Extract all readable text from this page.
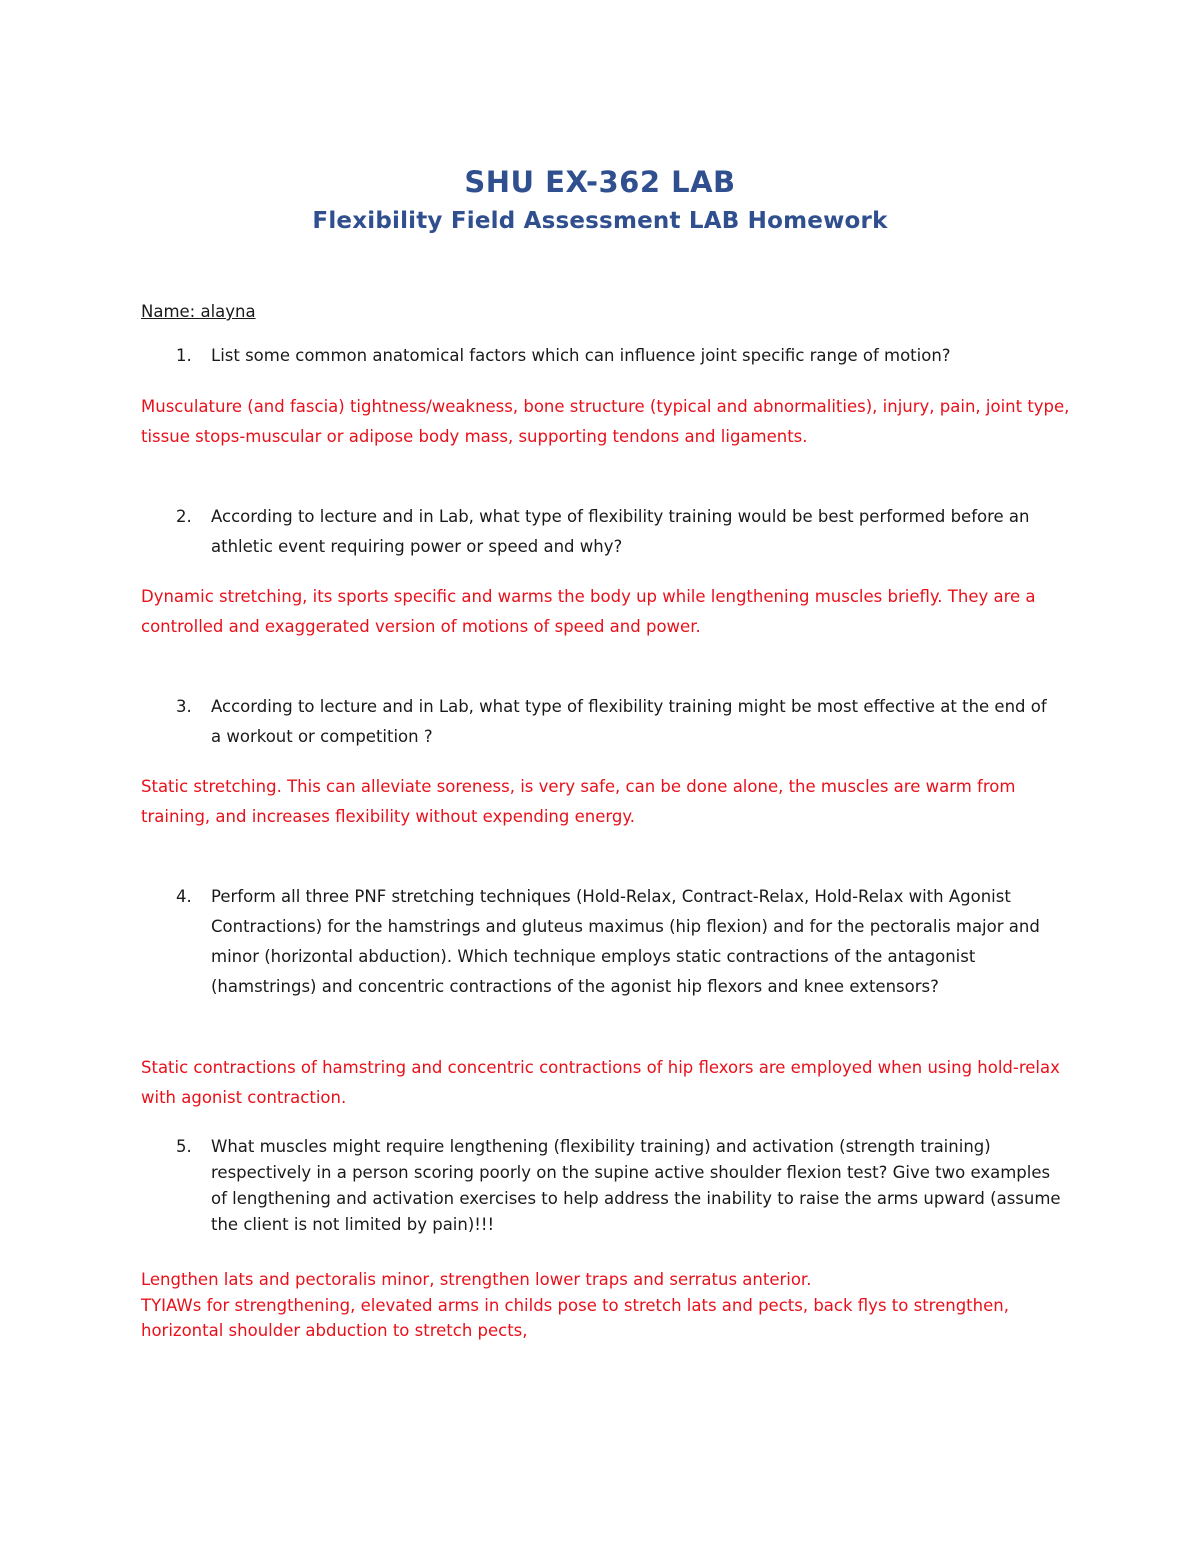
SHU EX-362 LAB
Flexibility Field Assessment LAB Homework
Name: alayna
1. List some common anatomical factors which can influence joint specific range of motion?
Musculature (and fascia) tightness/weakness, bone structure (typical and abnormalities), injury, pain, joint type, tissue stops-muscular or adipose body mass, supporting tendons and ligaments.
2. According to lecture and in Lab, what type of flexibility training would be best performed before an athletic event requiring power or speed and why?
Dynamic stretching, its sports specific and warms the body up while lengthening muscles briefly. They are a controlled and exaggerated version of motions of speed and power.
3. According to lecture and in Lab, what type of flexibility training might be most effective at the end of a workout or competition ?
Static stretching. This can alleviate soreness, is very safe, can be done alone, the muscles are warm from training, and increases flexibility without expending energy.
4. Perform all three PNF stretching techniques (Hold-Relax, Contract-Relax, Hold-Relax with Agonist Contractions) for the hamstrings and gluteus maximus (hip flexion) and for the pectoralis major and minor (horizontal abduction). Which technique employs static contractions of the antagonist (hamstrings) and concentric contractions of the agonist hip flexors and knee extensors?
Static contractions of hamstring and concentric contractions of hip flexors are employed when using hold-relax with agonist contraction.
5. What muscles might require lengthening (flexibility training) and activation (strength training) respectively in a person scoring poorly on the supine active shoulder flexion test? Give two examples of lengthening and activation exercises to help address the inability to raise the arms upward (assume the client is not limited by pain)!!!
Lengthen lats and pectoralis minor, strengthen lower traps and serratus anterior.
TYIAWs for strengthening, elevated arms in childs pose to stretch lats and pects, back flys to strengthen, horizontal shoulder abduction to stretch pects,
